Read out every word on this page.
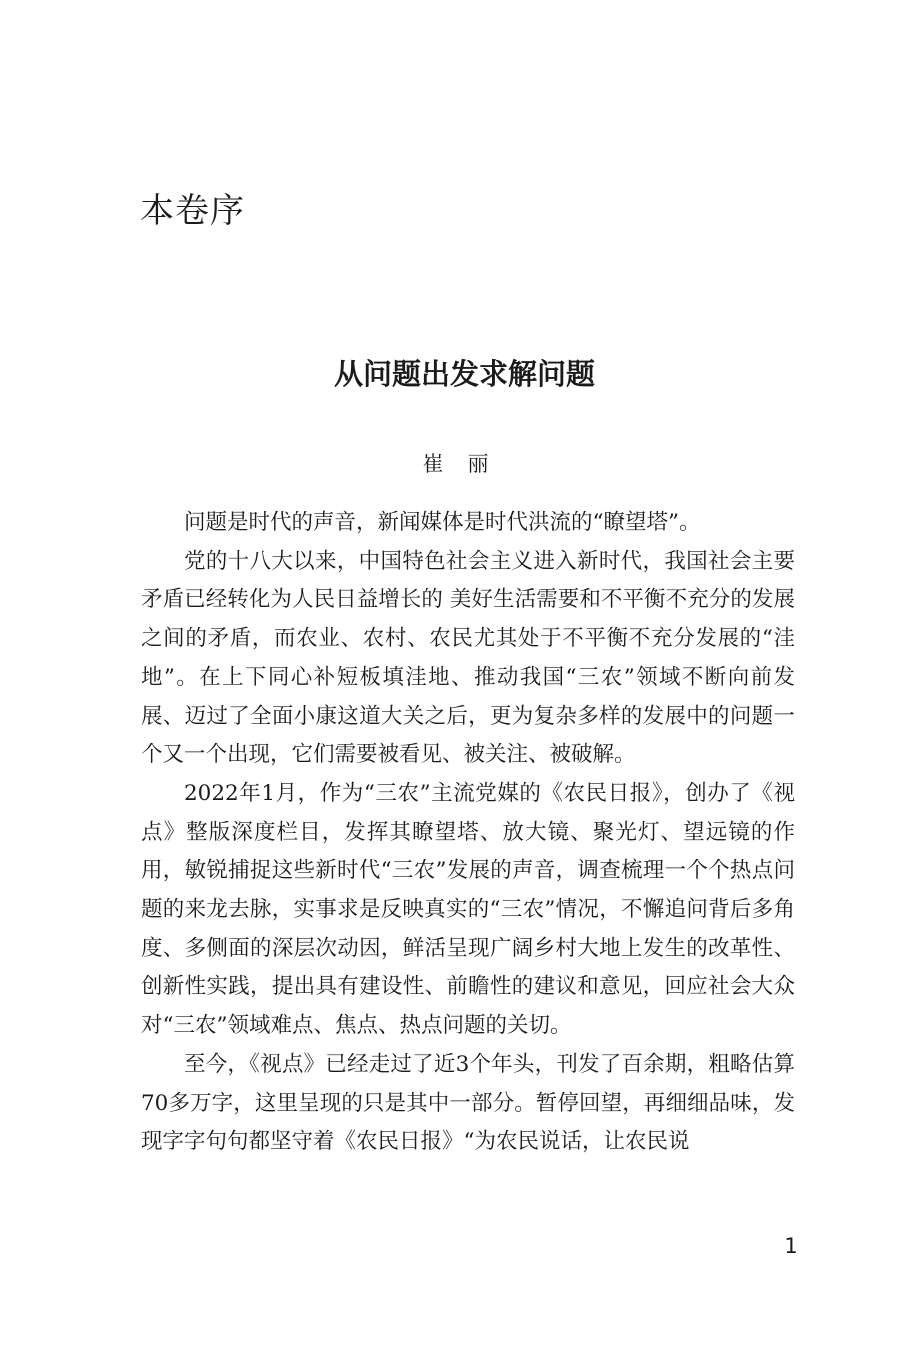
本卷序
从问题出发求解问题
崔丽

问题是时代的声音，新闻媒体是时代洪流的“瞭望塔”。

党的十八大以来，中国特色社会主义进入新时代，我国社会主要矛盾已经转化为人民日益增长的 美好生活需要和不平衡不充分的发展之间的矛盾，而农业、农村、农民尤其处于不平衡不充分发展的“洼地”。在上下同心补短板填洼地、推动我国“三农”领域不断向前发展、迈过了全面小康这道大关之后，更为复杂多样的发展中的问题一个又一个出现，它们需要被看见、被关注、被破解。

2022年1月，作为“三农”主流党媒的《农民日报》，创办了《视点》整版深度栏目，发挥其瞭望塔、放大镜、聚光灯、望远镜的作用，敏锐捕捉这些新时代“三农”发展的声音，调查梳理一个个热点问题的来龙去脉，实事求是反映真实的“三农”情况，不懈追问背后多角度、多侧面的深层次动因，鲜活呈现广阔乡村大地上发生的改革性、创新性实践，提出具有建设性、前瞻性的建议和意见，回应社会大众对“三农”领域难点、焦点、热点问题的关切。

至今，《视点》已经走过了近3个年头，刊发了百余期，粗略估算70多万字，这里呈现的只是其中一部分。暂停回望，再细细品味，发现字字句句都坚守着《农民日报》“为农民说话，让农民说

1
